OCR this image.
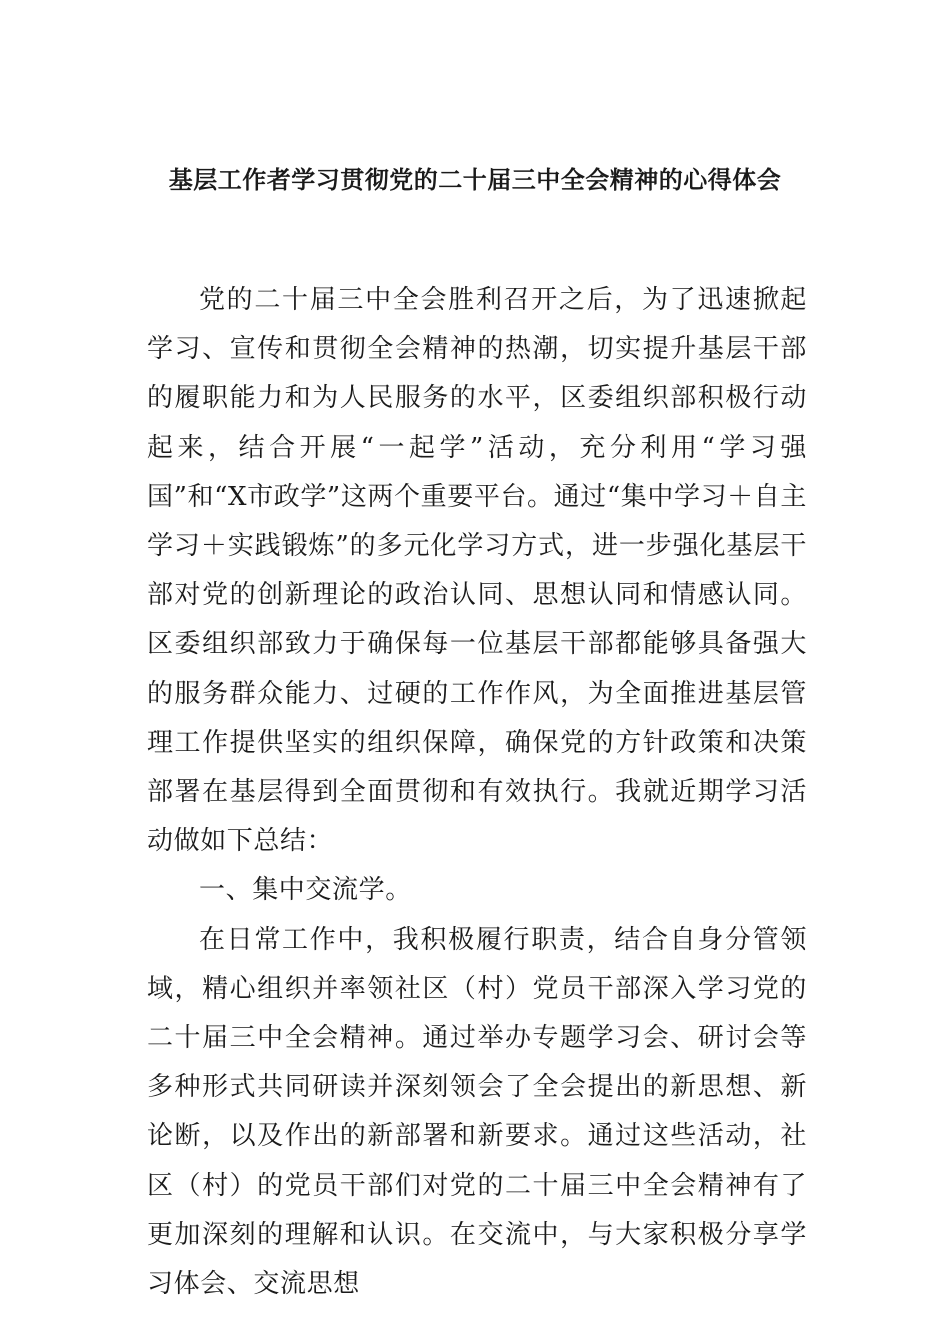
基层工作者学习贯彻党的二十届三中全会精神的心得体会

党的二十届三中全会胜利召开之后，为了迅速掀起学习、宣传和贯彻全会精神的热潮，切实提升基层干部的履职能力和为人民服务的水平，区委组织部积极行动起来，结合开展“一起学”活动，充分利用“学习强国”和“X市政学”这两个重要平台。通过“集中学习＋自主学习＋实践锻炼”的多元化学习方式，进一步强化基层干部对党的创新理论的政治认同、思想认同和情感认同。区委组织部致力于确保每一位基层干部都能够具备强大的服务群众能力、过硬的工作作风，为全面推进基层管理工作提供坚实的组织保障，确保党的方针政策和决策部署在基层得到全面贯彻和有效执行。我就近期学习活动做如下总结：

一、集中交流学。

在日常工作中，我积极履行职责，结合自身分管领域，精心组织并率领社区（村）党员干部深入学习党的二十届三中全会精神。通过举办专题学习会、研讨会等多种形式共同研读并深刻领会了全会提出的新思想、新论断，以及作出的新部署和新要求。通过这些活动，社区（村）的党员干部们对党的二十届三中全会精神有了更加深刻的理解和认识。在交流中，与大家积极分享学习体会、交流思想
